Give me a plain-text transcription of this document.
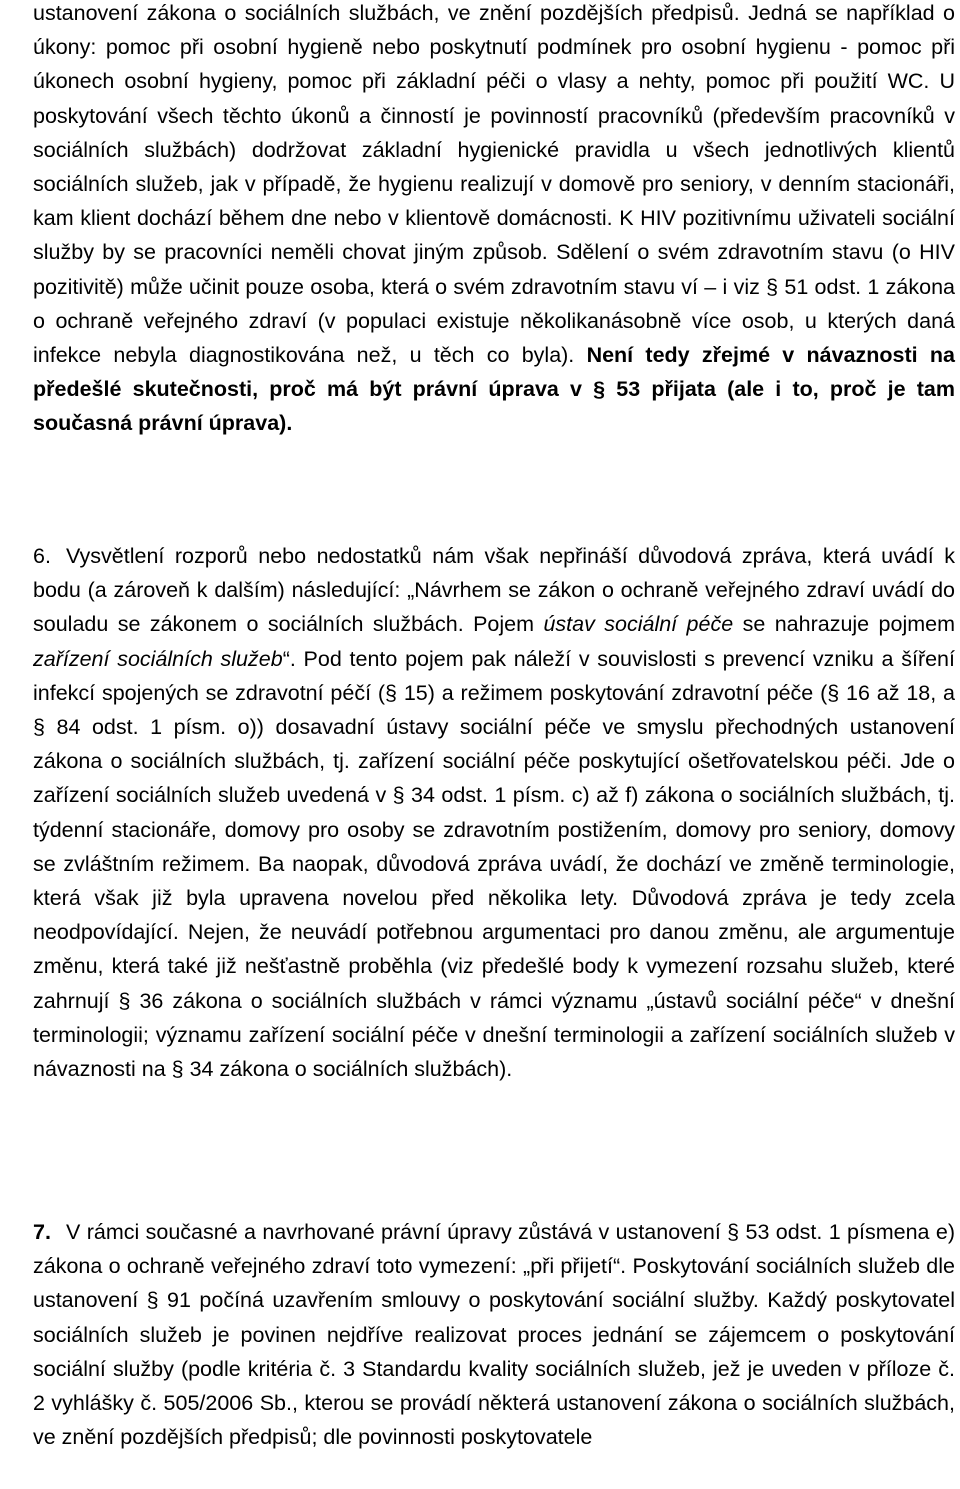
ustanovení zákona o sociálních službách, ve znění pozdějších předpisů. Jedná se například o úkony: pomoc při osobní hygieně nebo poskytnutí podmínek pro osobní hygienu - pomoc při úkonech osobní hygieny, pomoc při základní péči o vlasy a nehty, pomoc při použití WC. U poskytování všech těchto úkonů a činností je povinností pracovníků (především pracovníků v sociálních službách) dodržovat základní hygienické pravidla u všech jednotlivých klientů sociálních služeb, jak v případě, že hygienu realizují v domově pro seniory, v denním stacionáři, kam klient dochází během dne nebo v klientově domácnosti. K HIV pozitivnímu uživateli sociální služby by se pracovníci neměli chovat jiným způsob. Sdělení o svém zdravotním stavu (o HIV pozitivitě) může učinit pouze osoba, která o svém zdravotním stavu ví – i viz § 51 odst. 1 zákona o ochraně veřejného zdraví (v populaci existuje několikanásobně více osob, u kterých daná infekce nebyla diagnostikována než, u těch co byla). Není tedy zřejmé v návaznosti na předešlé skutečnosti, proč má být právní úprava v § 53 přijata (ale i to, proč je tam současná právní úprava).

6. Vysvětlení rozporů nebo nedostatků nám však nepřináší důvodová zpráva, která uvádí k bodu (a zároveň k dalším) následující: „Návrhem se zákon o ochraně veřejného zdraví uvádí do souladu se zákonem o sociálních službách. Pojem ústav sociální péče se nahrazuje pojmem zařízení sociálních služeb“. Pod tento pojem pak náleží v souvislosti s prevencí vzniku a šíření infekcí spojených se zdravotní péčí (§ 15) a režimem poskytování zdravotní péče (§ 16 až 18, a § 84 odst. 1 písm. o)) dosavadní ústavy sociální péče ve smyslu přechodných ustanovení zákona o sociálních službách, tj. zařízení sociální péče poskytující ošetřovatelskou péči. Jde o zařízení sociálních služeb uvedená v § 34 odst. 1 písm. c) až f) zákona o sociálních službách, tj. týdenní stacionáře, domovy pro osoby se zdravotním postižením, domovy pro seniory, domovy se zvláštním režimem. Ba naopak, důvodová zpráva uvádí, že dochází ve změně terminologie, která však již byla upravena novelou před několika lety. Důvodová zpráva je tedy zcela neodpovídající. Nejen, že neuvádí potřebnou argumentaci pro danou změnu, ale argumentuje změnu, která také již nešťastně proběhla (viz předešlé body k vymezení rozsahu služeb, které zahrnují § 36 zákona o sociálních službách v rámci významu „ústavů sociální péče“ v dnešní terminologii; významu zařízení sociální péče v dnešní terminologii a zařízení sociálních služeb v návaznosti na § 34 zákona o sociálních službách).
7. V rámci současné a navrhované právní úpravy zůstává v ustanovení § 53 odst. 1 písmena e) zákona o ochraně veřejného zdraví toto vymezení: „při přijetí“. Poskytování sociálních služeb dle ustanovení § 91 počíná uzavřením smlouvy o poskytování sociální služby. Každý poskytovatel sociálních služeb je povinen nejdříve realizovat proces jednání se zájemcem o poskytování sociální služby (podle kritéria č. 3 Standardu kvality sociálních služeb, jež je uveden v příloze č. 2 vyhlášky č. 505/2006 Sb., kterou se provádí některá ustanovení zákona o sociálních službách, ve znění pozdějších předpisů; dle povinnosti poskytovatele
